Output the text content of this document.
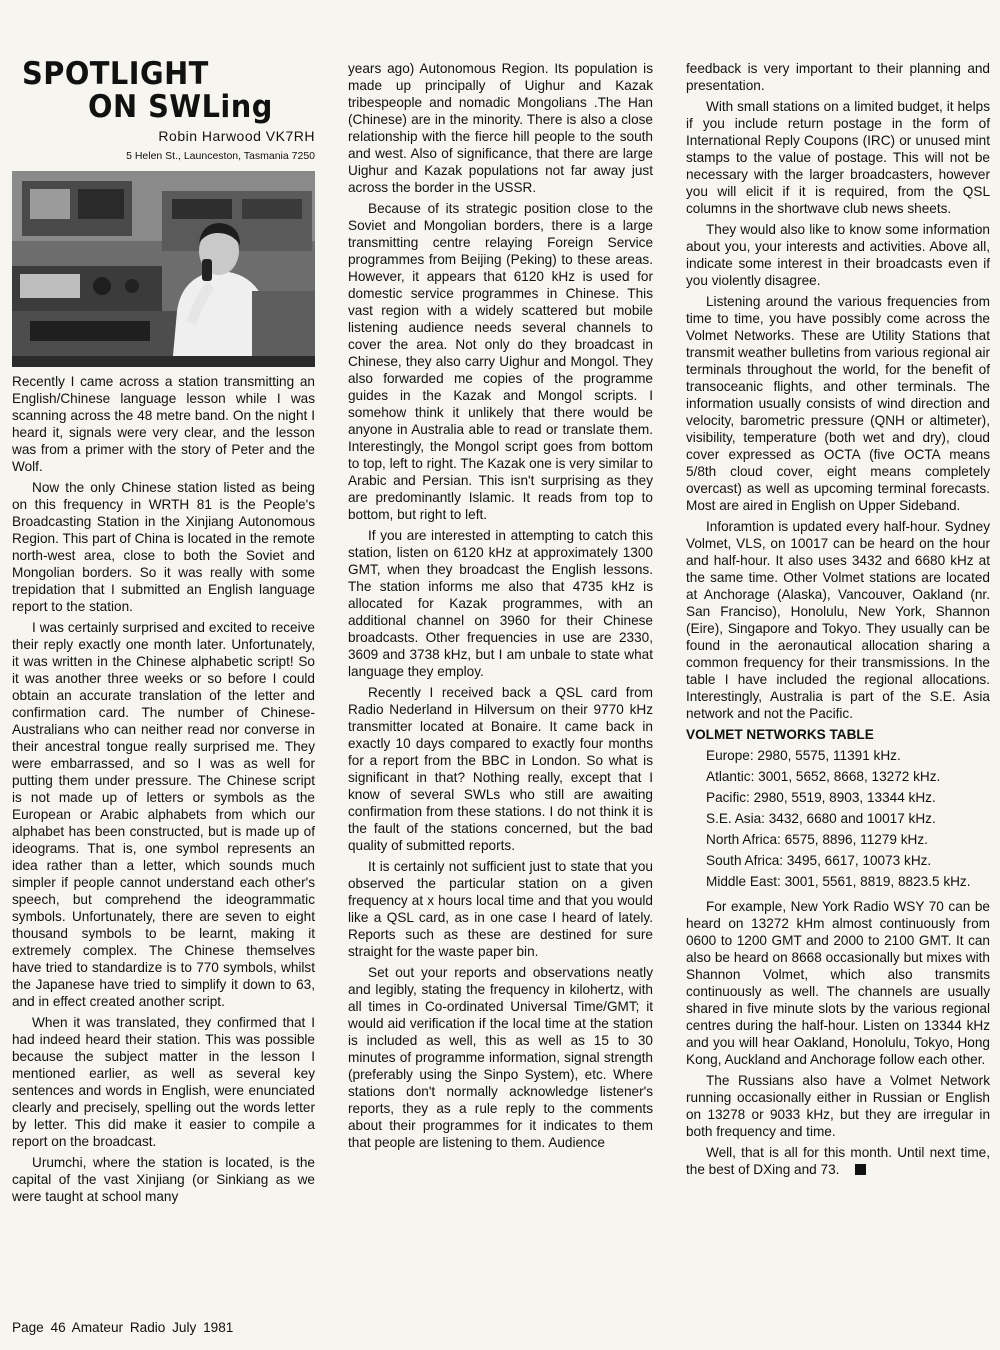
SPOTLIGHT
ON SWLing
Robin Harwood VK7RH
5 Helen St., Launceston, Tasmania 7250

Recently I came across a station transmitting an English/Chinese language lesson while I was scanning across the 48 metre band. On the night I heard it, signals were very clear, and the lesson was from a primer with the story of Peter and the Wolf.

Now the only Chinese station listed as being on this frequency in WRTH 81 is the People's Broadcasting Station in the Xinjiang Autonomous Region. This part of China is located in the remote north-west area, close to both the Soviet and Mongolian borders. So it was really with some trepidation that I submitted an English language report to the station.

I was certainly surprised and excited to receive their reply exactly one month later. Unfortunately, it was written in the Chinese alphabetic script! So it was another three weeks or so before I could obtain an accurate translation of the letter and confirmation card. The number of Chinese-Australians who can neither read nor converse in their ancestral tongue really surprised me. They were embarrassed, and so I was as well for putting them under pressure. The Chinese script is not made up of letters or symbols as the European or Arabic alphabets from which our alphabet has been constructed, but is made up of ideograms. That is, one symbol represents an idea rather than a letter, which sounds much simpler if people cannot understand each other's speech, but comprehend the ideogrammatic symbols. Unfortunately, there are seven to eight thousand symbols to be learnt, making it extremely complex. The Chinese themselves have tried to standardize is to 770 symbols, whilst the Japanese have tried to simplify it down to 63, and in effect created another script.

When it was translated, they confirmed that I had indeed heard their station. This was possible because the subject matter in the lesson I mentioned earlier, as well as several key sentences and words in English, were enunciated clearly and precisely, spelling out the words letter by letter. This did make it easier to compile a report on the broadcast.

Urumchi, where the station is located, is the capital of the vast Xinjiang (or Sinkiang as we were taught at school many

years ago) Autonomous Region. Its population is made up principally of Uighur and Kazak tribespeople and nomadic Mongolians .The Han (Chinese) are in the minority. There is also a close relationship with the fierce hill people to the south and west. Also of significance, that there are large Uighur and Kazak populations not far away just across the border in the USSR.

Because of its strategic position close to the Soviet and Mongolian borders, there is a large transmitting centre relaying Foreign Service programmes from Beijing (Peking) to these areas. However, it appears that 6120 kHz is used for domestic service programmes in Chinese. This vast region with a widely scattered but mobile listening audience needs several channels to cover the area. Not only do they broadcast in Chinese, they also carry Uighur and Mongol. They also forwarded me copies of the programme guides in the Kazak and Mongol scripts. I somehow think it unlikely that there would be anyone in Australia able to read or translate them. Interestingly, the Mongol script goes from bottom to top, left to right. The Kazak one is very similar to Arabic and Persian. This isn't surprising as they are predominantly Islamic. It reads from top to bottom, but right to left.

If you are interested in attempting to catch this station, listen on 6120 kHz at approximately 1300 GMT, when they broadcast the English lessons. The station informs me also that 4735 kHz is allocated for Kazak programmes, with an additional channel on 3960 for their Chinese broadcasts. Other frequencies in use are 2330, 3609 and 3738 kHz, but I am unbale to state what language they employ.

Recently I received back a QSL card from Radio Nederland in Hilversum on their 9770 kHz transmitter located at Bonaire. It came back in exactly 10 days compared to exactly four months for a report from the BBC in London. So what is significant in that? Nothing really, except that I know of several SWLs who still are awaiting confirmation from these stations. I do not think it is the fault of the stations concerned, but the bad quality of submitted reports.

It is certainly not sufficient just to state that you observed the particular station on a given frequency at x hours local time and that you would like a QSL card, as in one case I heard of lately. Reports such as these are destined for sure straight for the waste paper bin.

Set out your reports and observations neatly and legibly, stating the frequency in kilohertz, with all times in Co-ordinated Universal Time/GMT; it would aid verification if the local time at the station is included as well, this as well as 15 to 30 minutes of programme information, signal strength (preferably using the Sinpo System), etc. Where stations don't normally acknowledge listener's reports, they as a rule reply to the comments about their programmes for it indicates to them that people are listening to them. Audience

feedback is very important to their planning and presentation.

With small stations on a limited budget, it helps if you include return postage in the form of International Reply Coupons (IRC) or unused mint stamps to the value of postage. This will not be necessary with the larger broadcasters, however you will elicit if it is required, from the QSL columns in the shortwave club news sheets.

They would also like to know some information about you, your interests and activities. Above all, indicate some interest in their broadcasts even if you violently disagree.

Listening around the various frequencies from time to time, you have possibly come across the Volmet Networks. These are Utility Stations that transmit weather bulletins from various regional air terminals throughout the world, for the benefit of transoceanic flights, and other terminals. The information usually consists of wind direction and velocity, barometric pressure (QNH or altimeter), visibility, temperature (both wet and dry), cloud cover expressed as OCTA (five OCTA means 5/8th cloud cover, eight means completely overcast) as well as upcoming terminal forecasts. Most are aired in English on Upper Sideband.

Inforamtion is updated every half-hour. Sydney Volmet, VLS, on 10017 can be heard on the hour and half-hour. It also uses 3432 and 6680 kHz at the same time. Other Volmet stations are located at Anchorage (Alaska), Vancouver, Oakland (nr. San Franciso), Honolulu, New York, Shannon (Eire), Singapore and Tokyo. They usually can be found in the aeronautical allocation sharing a common frequency for their transmissions. In the table I have included the regional allocations. Interestingly, Australia is part of the S.E. Asia network and not the Pacific.

VOLMET NETWORKS TABLE

Europe: 2980, 5575, 11391 kHz.

Atlantic: 3001, 5652, 8668, 13272 kHz.

Pacific: 2980, 5519, 8903, 13344 kHz.

S.E. Asia: 3432, 6680 and 10017 kHz.

North Africa: 6575, 8896, 11279 kHz.

South Africa: 3495, 6617, 10073 kHz.

Middle East: 3001, 5561, 8819, 8823.5 kHz.

For example, New York Radio WSY 70 can be heard on 13272 kHm almost continuously from 0600 to 1200 GMT and 2000 to 2100 GMT. It can also be heard on 8668 occasionally but mixes with Shannon Volmet, which also transmits continuously as well. The channels are usually shared in five minute slots by the various regional centres during the half-hour. Listen on 13344 kHz and you will hear Oakland, Honolulu, Tokyo, Hong Kong, Auckland and Anchorage follow each other.

The Russians also have a Volmet Network running occasionally either in Russian or English on 13278 or 9033 kHz, but they are irregular in both frequency and time.

Well, that is all for this month. Until next time, the best of DXing and 73.

Page 46 Amateur Radio July 1981
